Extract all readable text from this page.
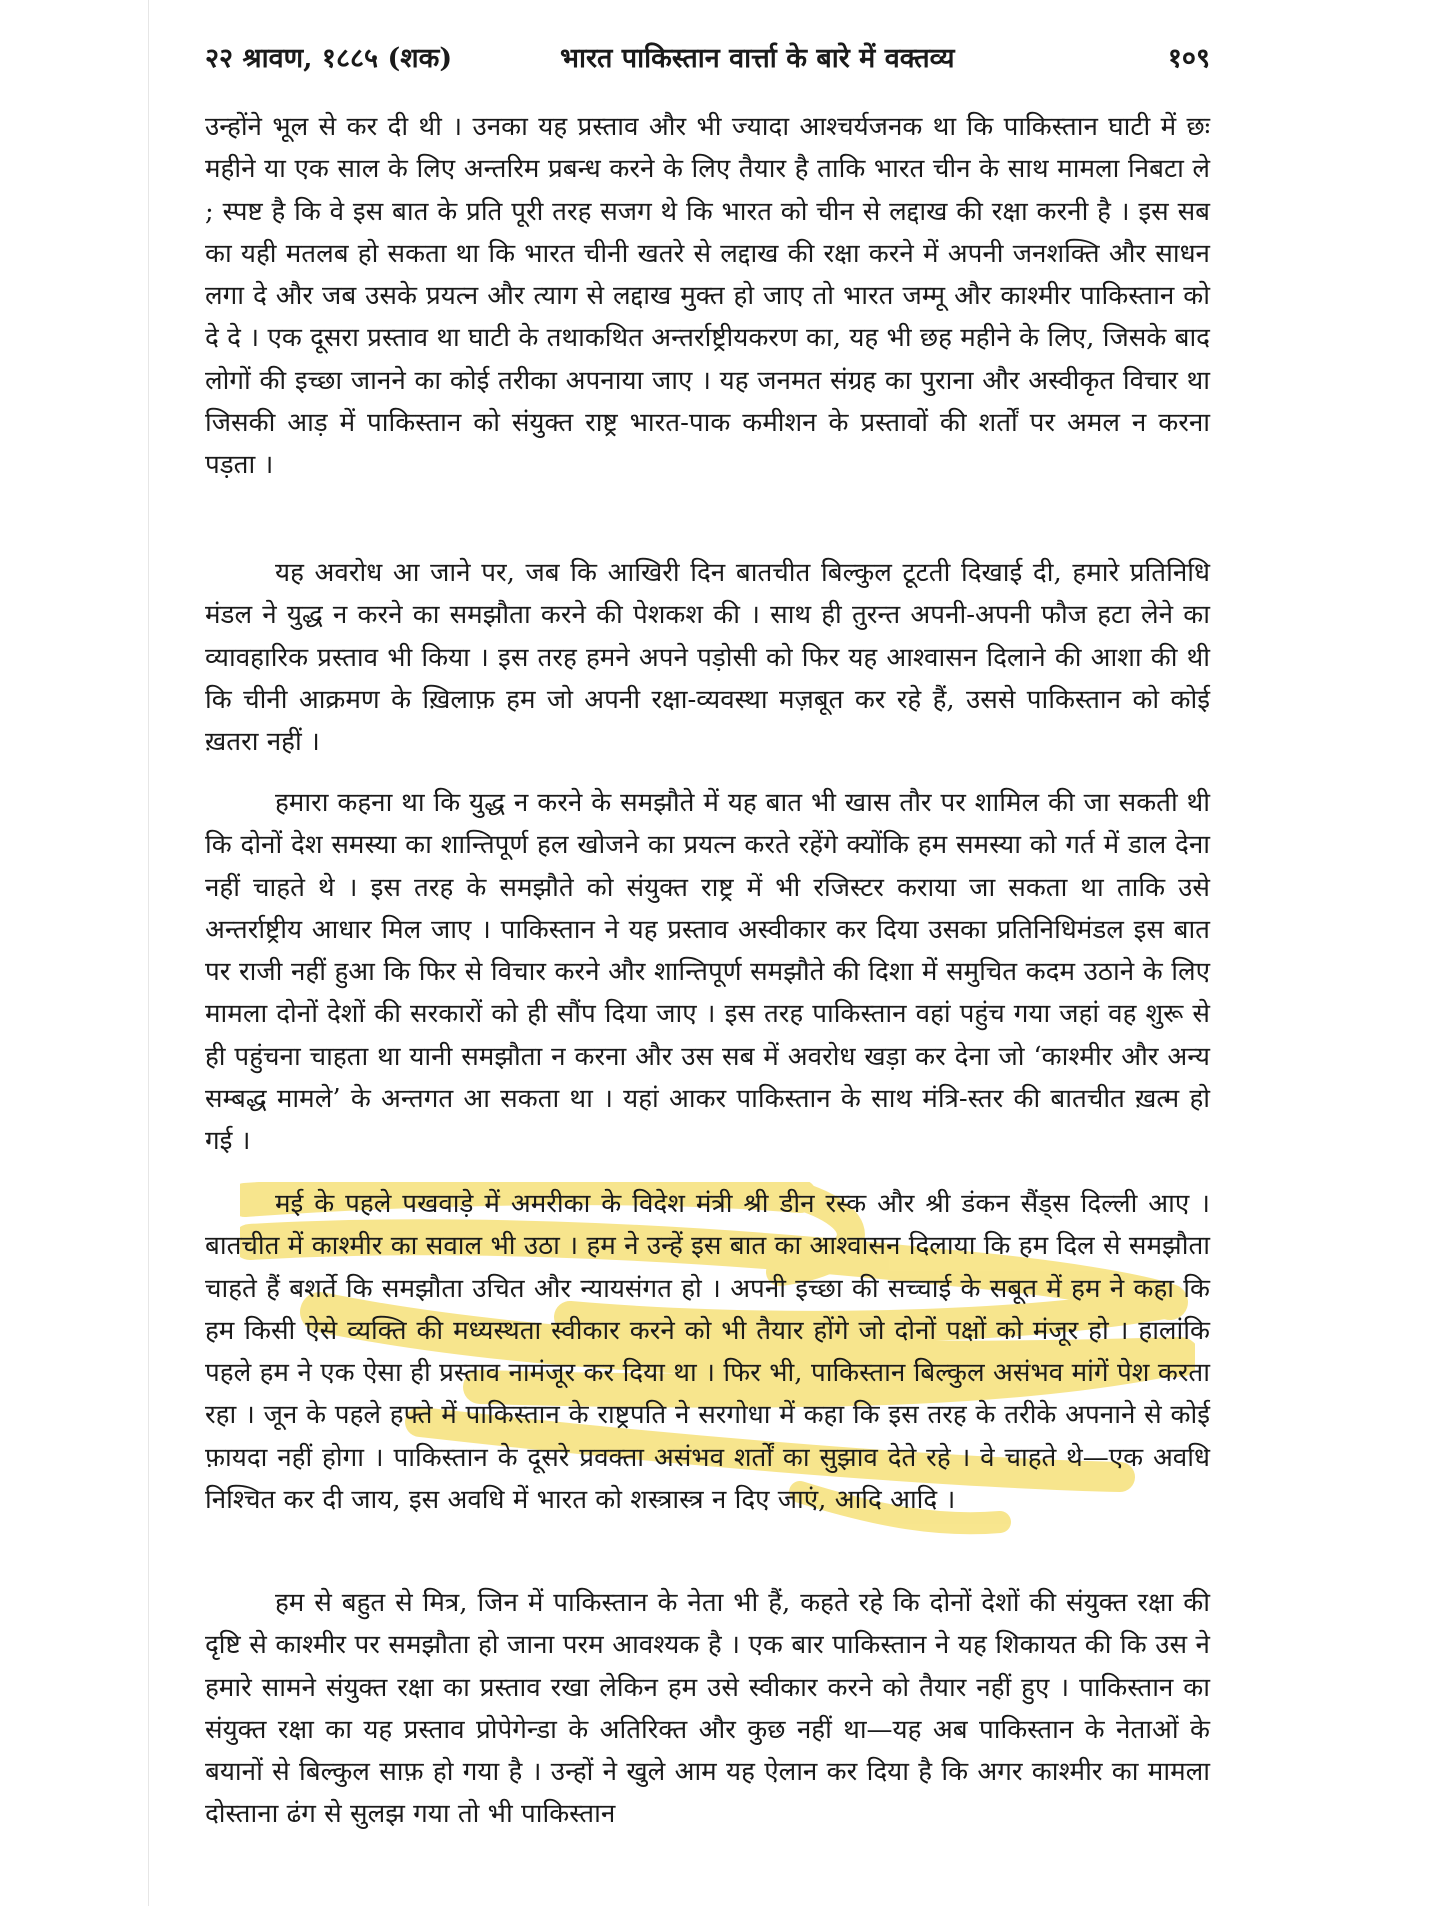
२२ श्रावण, १८८५ (शक)	भारत पाकिस्तान वार्त्ता के बारे में वक्तव्य	१०९

उन्होंने भूल से कर दी थी । उनका यह प्रस्ताव और भी ज्यादा आश्चर्यजनक था कि पाकिस्तान घाटी में छः महीने या एक साल के लिए अन्तरिम प्रबन्ध करने के लिए तैयार है ताकि भारत चीन के साथ मामला निबटा ले ; स्पष्ट है कि वे इस बात के प्रति पूरी तरह सजग थे कि भारत को चीन से लद्दाख की रक्षा करनी है । इस सब का यही मतलब हो सकता था कि भारत चीनी खतरे से लद्दाख की रक्षा करने में अपनी जनशक्ति और साधन लगा दे और जब उसके प्रयत्न और त्याग से लद्दाख मुक्त हो जाए तो भारत जम्मू और काश्मीर पाकिस्तान को दे दे । एक दूसरा प्रस्ताव था घाटी के तथाकथित अन्तर्राष्ट्रीयकरण का, यह भी छह महीने के लिए, जिसके बाद लोगों की इच्छा जानने का कोई तरीका अपनाया जाए । यह जनमत संग्रह का पुराना और अस्वीकृत विचार था जिसकी आड़ में पाकिस्तान को संयुक्त राष्ट्र भारत-पाक कमीशन के प्रस्तावों की शर्तों पर अमल न करना पड़ता ।

यह अवरोध आ जाने पर, जब कि आखिरी दिन बातचीत बिल्कुल टूटती दिखाई दी, हमारे प्रतिनिधि मंडल ने युद्ध न करने का समझौता करने की पेशकश की । साथ ही तुरन्त अपनी-अपनी फौज हटा लेने का व्यावहारिक प्रस्ताव भी किया । इस तरह हमने अपने पड़ोसी को फिर यह आश्वासन दिलाने की आशा की थी कि चीनी आक्रमण के ख़िलाफ़ हम जो अपनी रक्षा-व्यवस्था मज़बूत कर रहे हैं, उससे पाकिस्तान को कोई ख़तरा नहीं ।

हमारा कहना था कि युद्ध न करने के समझौते में यह बात भी खास तौर पर शामिल की जा सकती थी कि दोनों देश समस्या का शान्तिपूर्ण हल खोजने का प्रयत्न करते रहेंगे क्योंकि हम समस्या को गर्त में डाल देना नहीं चाहते थे । इस तरह के समझौते को संयुक्त राष्ट्र में भी रजिस्टर कराया जा सकता था ताकि उसे अन्तर्राष्ट्रीय आधार मिल जाए । पाकिस्तान ने यह प्रस्ताव अस्वीकार कर दिया उसका प्रतिनिधिमंडल इस बात पर राजी नहीं हुआ कि फिर से विचार करने और शान्तिपूर्ण समझौते की दिशा में समुचित कदम उठाने के लिए मामला दोनों देशों की सरकारों को ही सौंप दिया जाए । इस तरह पाकिस्तान वहां पहुंच गया जहां वह शुरू से ही पहुंचना चाहता था यानी समझौता न करना और उस सब में अवरोध खड़ा कर देना जो ‘काश्मीर और अन्य सम्बद्ध मामले’ के अन्तगत आ सकता था । यहां आकर पाकिस्तान के साथ मंत्रि-स्तर की बातचीत ख़त्म हो गई ।

मई के पहले पखवाड़े में अमरीका के विदेश मंत्री श्री डीन रस्क और श्री डंकन सैंड्स दिल्ली आए । बातचीत में काश्मीर का सवाल भी उठा । हम ने उन्हें इस बात का आश्वासन दिलाया कि हम दिल से समझौता चाहते हैं बशर्ते कि समझौता उचित और न्यायसंगत हो । अपनी इच्छा की सच्चाई के सबूत में हम ने कहा कि हम किसी ऐसे व्यक्ति की मध्यस्थता स्वीकार करने को भी तैयार होंगे जो दोनों पक्षों को मंजूर हो । हालांकि पहले हम ने एक ऐसा ही प्रस्ताव नामंजूर कर दिया था । फिर भी, पाकिस्तान बिल्कुल असंभव मांगें पेश करता रहा । जून के पहले हफ्ते में पाकिस्तान के राष्ट्रपति ने सरगोधा में कहा कि इस तरह के तरीके अपनाने से कोई फ़ायदा नहीं होगा । पाकिस्तान के दूसरे प्रवक्ता असंभव शर्तों का सुझाव देते रहे । वे चाहते थे—एक अवधि निश्चित कर दी जाय, इस अवधि में भारत को शस्त्रास्त्र न दिए जाएं, आदि आदि ।

हम से बहुत से मित्र, जिन में पाकिस्तान के नेता भी हैं, कहते रहे कि दोनों देशों की संयुक्त रक्षा की दृष्टि से काश्मीर पर समझौता हो जाना परम आवश्यक है । एक बार पाकिस्तान ने यह शिकायत की कि उस ने हमारे सामने संयुक्त रक्षा का प्रस्ताव रखा लेकिन हम उसे स्वीकार करने को तैयार नहीं हुए । पाकिस्तान का संयुक्त रक्षा का यह प्रस्ताव प्रोपेगेन्डा के अतिरिक्त और कुछ नहीं था—यह अब पाकिस्तान के नेताओं के बयानों से बिल्कुल साफ़ हो गया है । उन्हों ने खुले आम यह ऐलान कर दिया है कि अगर काश्मीर का मामला दोस्ताना ढंग से सुलझ गया तो भी पाकिस्तान
